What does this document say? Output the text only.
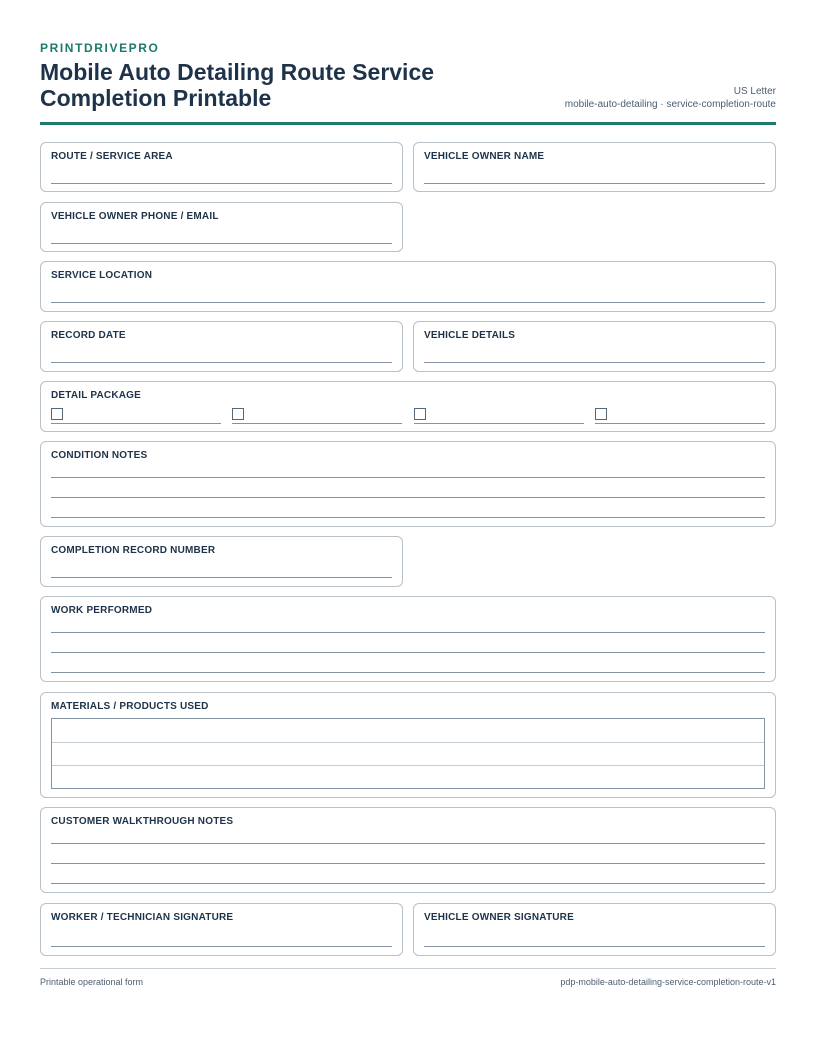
PRINTDRIVEPRO
Mobile Auto Detailing Route Service Completion Printable	US Letter
mobile-auto-detailing · service-completion-route
ROUTE / SERVICE AREA	VEHICLE OWNER NAME
VEHICLE OWNER PHONE / EMAIL
SERVICE LOCATION
RECORD DATE	VEHICLE DETAILS
DETAIL PACKAGE
CONDITION NOTES
COMPLETION RECORD NUMBER
WORK PERFORMED
MATERIALS / PRODUCTS USED
CUSTOMER WALKTHROUGH NOTES
WORKER / TECHNICIAN SIGNATURE	VEHICLE OWNER SIGNATURE
Printable operational form	pdp-mobile-auto-detailing-service-completion-route-v1
